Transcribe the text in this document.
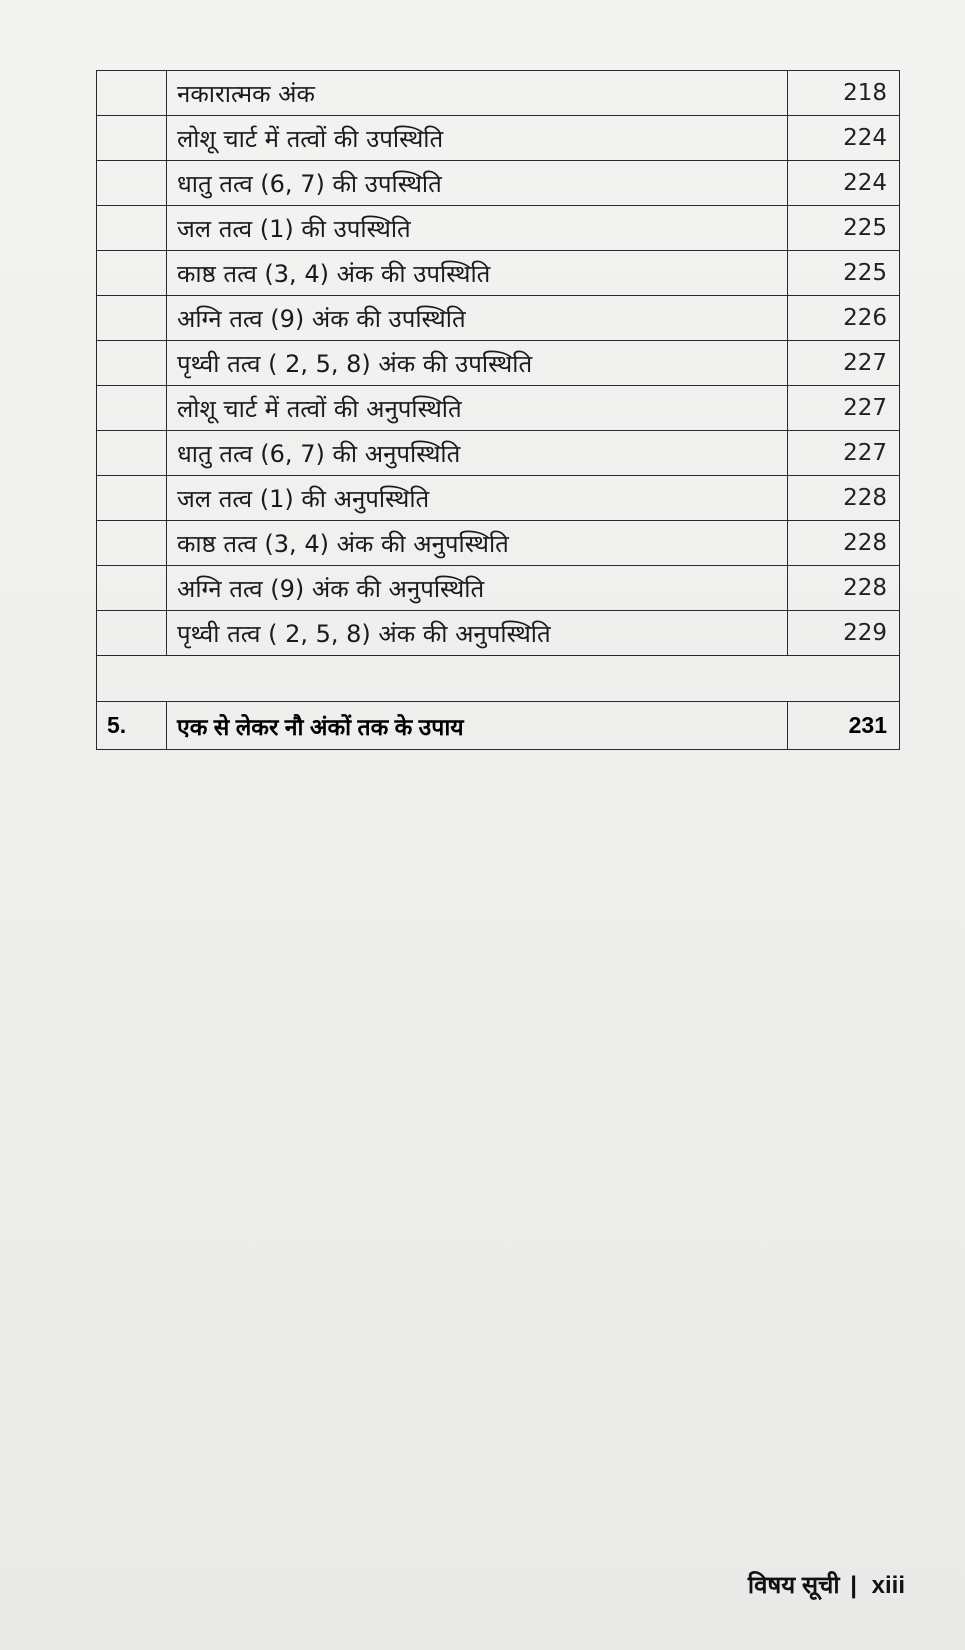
	नकारात्मक अंक	218
	लोशू चार्ट में तत्वों की उपस्थिति	224
	धातु तत्व (6, 7) की उपस्थिति	224
	जल तत्व (1) की उपस्थिति	225
	काष्ठ तत्व (3, 4) अंक की उपस्थिति	225
	अग्नि तत्व (9) अंक की उपस्थिति	226
	पृथ्वी तत्व ( 2, 5, 8) अंक की उपस्थिति	227
	लोशू चार्ट में तत्वों की अनुपस्थिति	227
	धातु तत्व (6, 7) की अनुपस्थिति	227
	जल तत्व (1) की अनुपस्थिति	228
	काष्ठ तत्व (3, 4) अंक की अनुपस्थिति	228
	अग्नि तत्व (9) अंक की अनुपस्थिति	228
	पृथ्वी तत्व ( 2, 5, 8) अंक की अनुपस्थिति	229

5.	एक से लेकर नौ अंकों तक के उपाय	231
विषय सूची | xiii
